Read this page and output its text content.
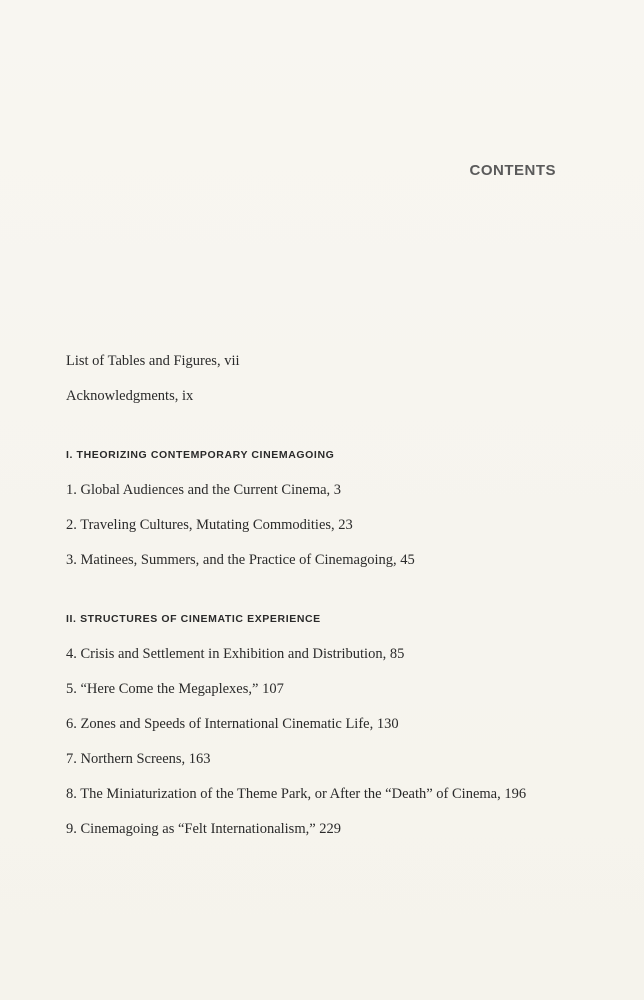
CONTENTS
List of Tables and Figures, vii
Acknowledgments, ix
I. THEORIZING CONTEMPORARY CINEMAGOING
1. Global Audiences and the Current Cinema, 3
2. Traveling Cultures, Mutating Commodities, 23
3. Matinees, Summers, and the Practice of Cinemagoing, 45
II. STRUCTURES OF CINEMATIC EXPERIENCE
4. Crisis and Settlement in Exhibition and Distribution, 85
5. “Here Come the Megaplexes,” 107
6. Zones and Speeds of International Cinematic Life, 130
7. Northern Screens, 163
8. The Miniaturization of the Theme Park, or After the “Death” of Cinema, 196
9. Cinemagoing as “Felt Internationalism,” 229
